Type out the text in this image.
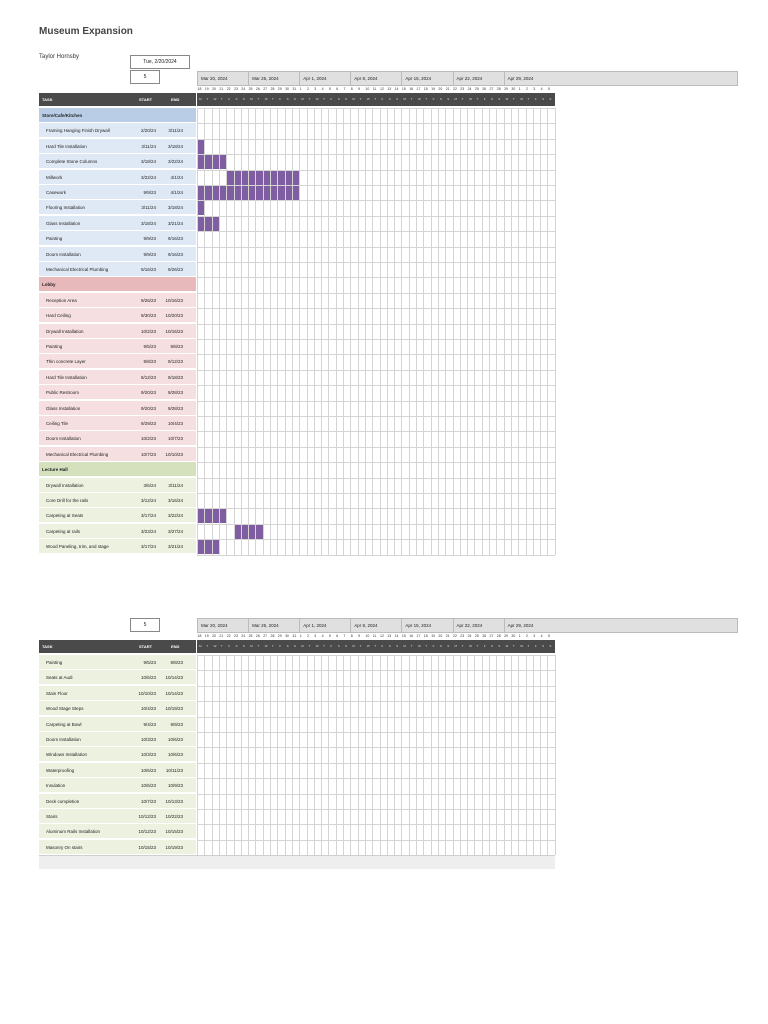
Museum Expansion
Taylor Hornsby
Tue, 2/20/2024
5
5
Mar 20, 2024	Mar 25, 2024	Apr 1, 2024	Apr 8, 2024	Apr 15, 2024	Apr 22, 2024	Apr 29, 2024
18 19 20 21 22 23 24 25 26 27 28 29 30 31 1 2 3 4 5 6 7 8 9 10 11 12 13 14 15 16 17 18 19 20 21 22 23 24 25 26 27 28 29 30 1 2 3 4 5
M T W T F S S M T W T F S S M T W T F S S M T W T F S S M T W T F S S M T W T F S S M T W T F S S
TASK	START	END
Store/Cafe/Kitchen
Framing Hanging Finish Drywall	2/20/24	3/11/24
Hard Tile Installation	3/11/24	3/18/24
Complete Stone Columns	3/18/24	3/22/24
Millwork	3/22/24	4/1/24
Casework	9/9/23	4/1/24
Flooring Installation	3/11/24	3/18/24
Glass Installation	3/18/24	3/21/24
Painting	9/9/23	9/16/23
Doors Installation	9/9/23	9/16/23
Mechanical Electrical Plumbing	9/16/23	9/26/23
Lobby
Reception Area	9/26/23 10/16/23
Hard Ceiling	9/30/23 10/20/23
Drywall Installation	10/2/23 10/16/23
Painting	9/5/23	9/8/23
Thin concrete Layer	9/8/23	9/12/23
Hard Tile Installation	8/12/23	9/18/23
Public Restroom	9/20/23	9/28/23
Glass Installation	9/20/23	9/28/23
Ceiling Tile	9/29/23	10/4/23
Doors Installation	10/2/23	10/7/23
Mechanical Electrical Plumbing	10/7/23 10/10/23
Lecture Hall
Drywall Installation	3/6/24	3/11/24
Core Drill for the rails	3/12/24	3/16/24
Carpeting at Seats	3/17/24	3/22/24
Carpeting at rails	3/23/24	3/27/24
Wood Paneling, trim, and stage	3/17/24	3/21/24
Mar 20, 2024	Mar 25, 2024	Apr 1, 2024	Apr 8, 2024	Apr 15, 2024	Apr 22, 2024	Apr 29, 2024
18 19 20 21 22 23 24 25 26 27 28 29 30 31 1 2 3 4 5 6 7 8 9 10 11 12 13 14 15 16 17 18 19 20 21 22 23 24 25 26 27 28 29 30 1 2 3 4 5
M T W T F S S M T W T F S S M T W T F S S M T W T F S S M T W T F S S M T W T F S S M T W T F S S
TASK	START	END
Painting	9/5/23	9/8/23
Seats at Audi	10/6/23 10/14/23
Stain Floor	10/10/23 10/14/23
Wood Stage Steps	10/4/23 10/19/23
Carpeting at Bowl	9/4/23	9/9/23
Doors Installation	10/3/23	10/6/23
Windows Installation	10/3/23	10/6/23
Waterproofing	10/6/23 10/11/23
Insulation	10/6/23	10/9/23
Deck completion	10/7/23 10/13/23
Stairs	10/12/23 10/22/23
Aluminum Rails Installation	10/12/23 10/15/23
Masonry On stairs	10/15/23 10/19/23
